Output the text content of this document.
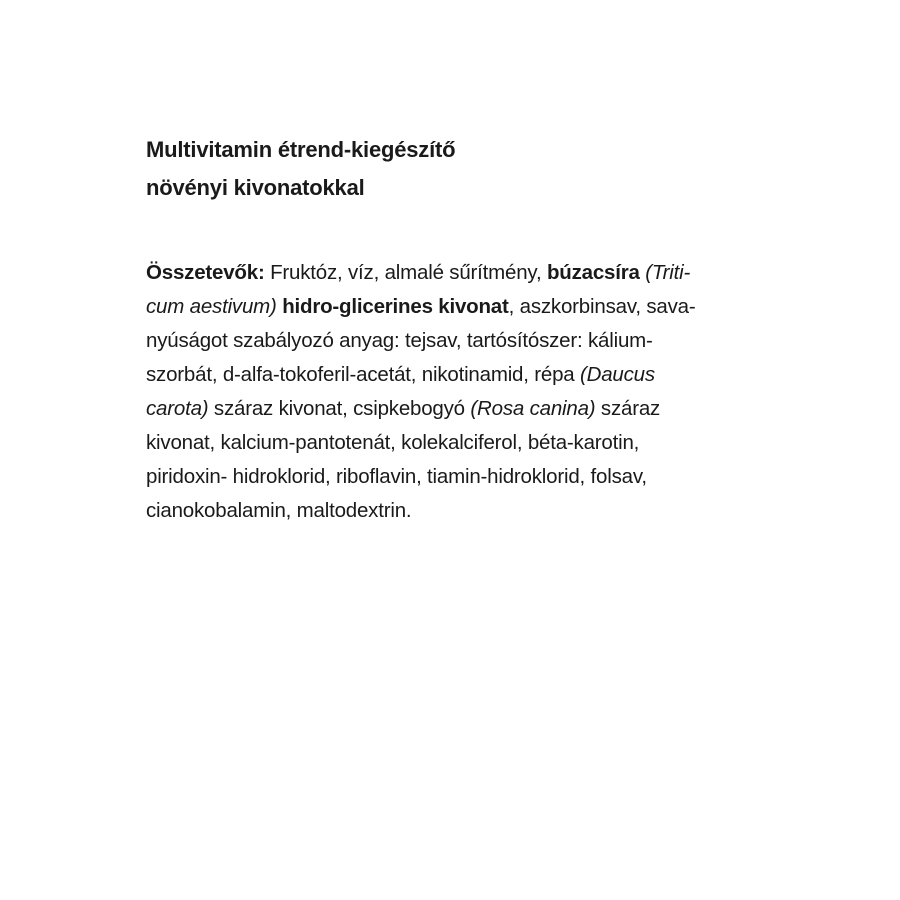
Multivitamin étrend-kiegészítő
növényi kivonatokkal

Összetevők: Fruktóz, víz, almalé sűrítmény, búzacsíra (Triti-
cum aestivum) hidro-glicerines kivonat, aszkorbinsav, sava-
nyúságot szabályozó anyag: tejsav, tartósítószer: kálium-
szorbát, d-alfa-tokoferil-acetát, nikotinamid, répa (Daucus
carota) száraz kivonat, csipkebogyó (Rosa canina) száraz
kivonat, kalcium-pantotenát, kolekalciferol, béta-karotin,
piridoxin- hidroklorid, riboflavin, tiamin-hidroklorid, folsav,
cianokobalamin, maltodextrin.
